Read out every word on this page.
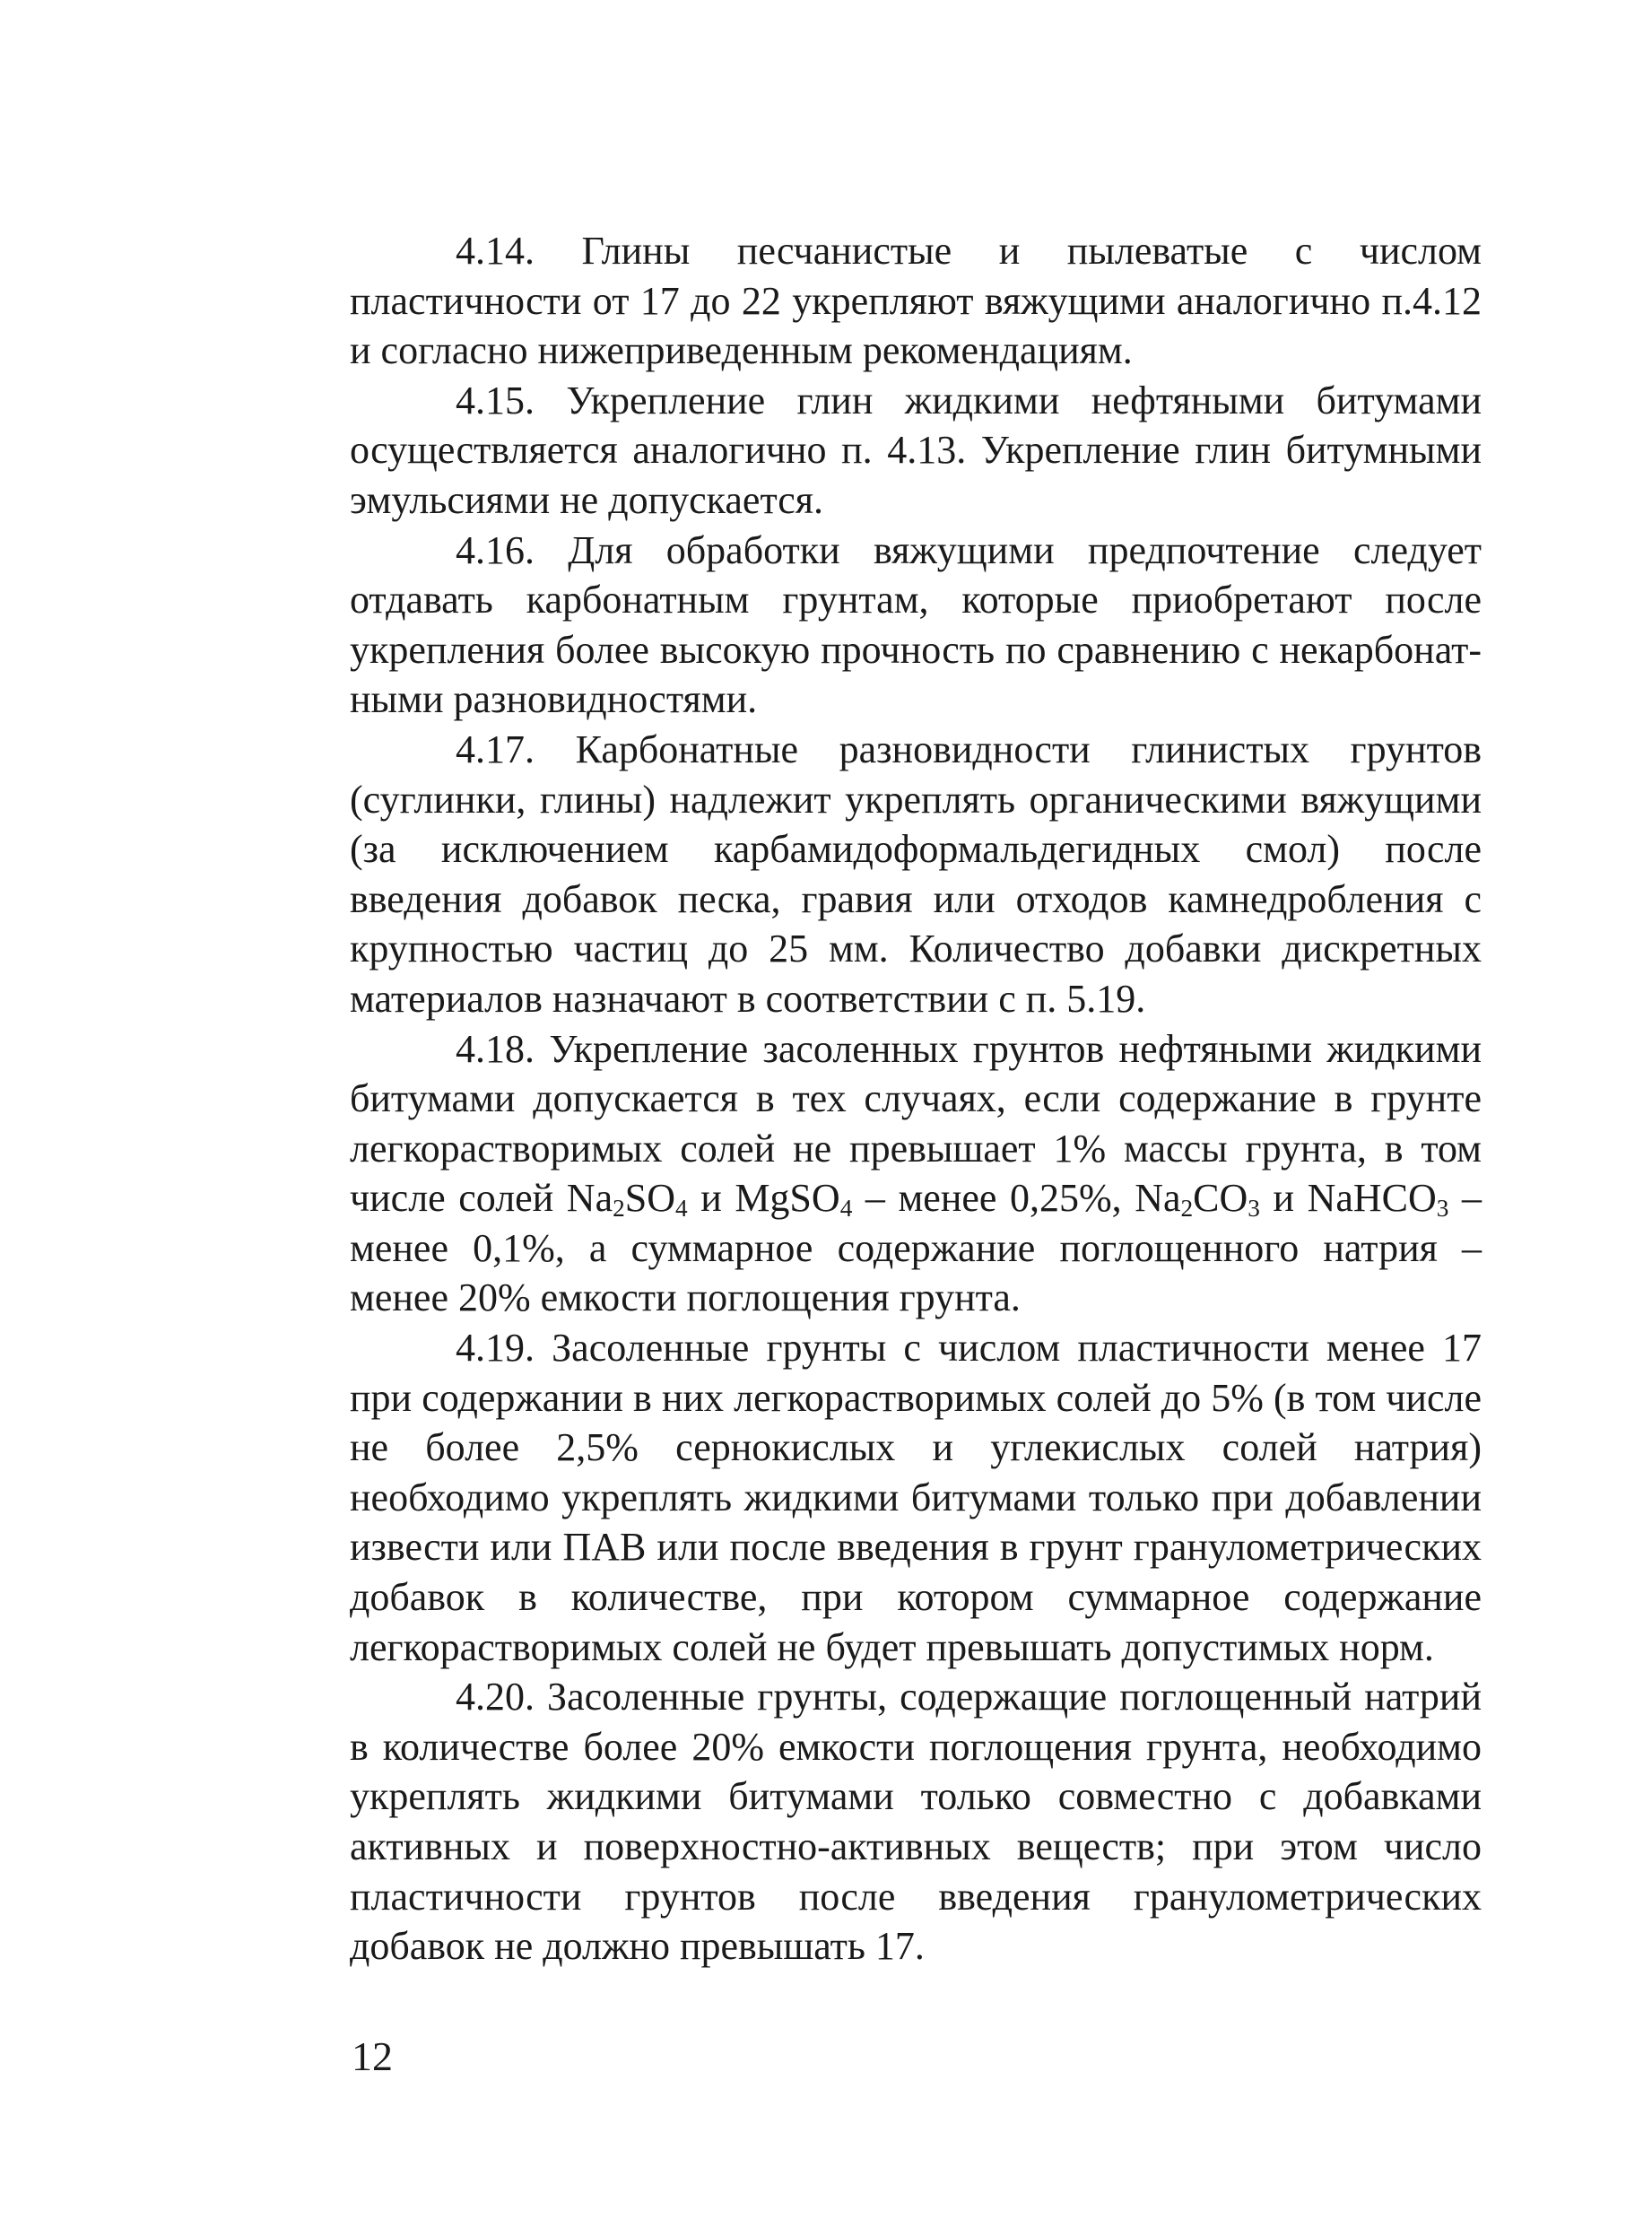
4.14. Глины песчанистые и пылеватые с числом пластичности от 17 до 22 укрепляют вяжущими аналогично п.4.12 и согласно нижеприведенным рекомендациям.

4.15. Укрепление глин жидкими нефтяными битумами осуществляется аналогично п. 4.13. Укрепление глин битумными эмульсиями не допускается.

4.16. Для обработки вяжущими предпочтение следует отдавать карбонатным грунтам, которые приобретают после укрепления более высокую прочность по сравнению с некарбонатными разновидностями.

4.17. Карбонатные разновидности глинистых грунтов (суглинки, глины) надлежит укреплять органическими вяжущими (за исключением карбамидоформальдегидных смол) после введения добавок песка, гравия или отходов камнедробления с крупностью частиц до 25 мм. Количество добавки дискретных материалов назначают в соответствии с п. 5.19.

4.18. Укрепление засоленных грунтов нефтяными жидкими битумами допускается в тех случаях, если содержание в грунте легкорастворимых солей не превышает 1% массы грунта, в том числе солей $Na_2SO_4$ и MgSO$_4$ – менее 0,25%, $Na_2CO_3$ и NaHCO$_3$ – менее 0,1%, а суммарное содержание поглощенного натрия – менее 20% емкости поглощения грунта.

4.19. Засоленные грунты с числом пластичности менее 17 при содержании в них легкорастворимых солей до 5% (в том числе не более 2,5% сернокислых и углекислых солей натрия) необходимо укреплять жидкими битумами только при добавлении извести или ПАВ или после введения в грунт гранулометрических добавок в количестве, при котором суммарное содержание легкорастворимых солей не будет превышать допустимых норм.

4.20. Засоленные грунты, содержащие поглощенный натрий в количестве более 20% емкости поглощения грунта, необходимо укреплять жидкими битумами только совместно с добавками активных и поверхностно-активных веществ; при этом число пластичности грунтов после введения гранулометрических добавок не должно превышать 17.

12
